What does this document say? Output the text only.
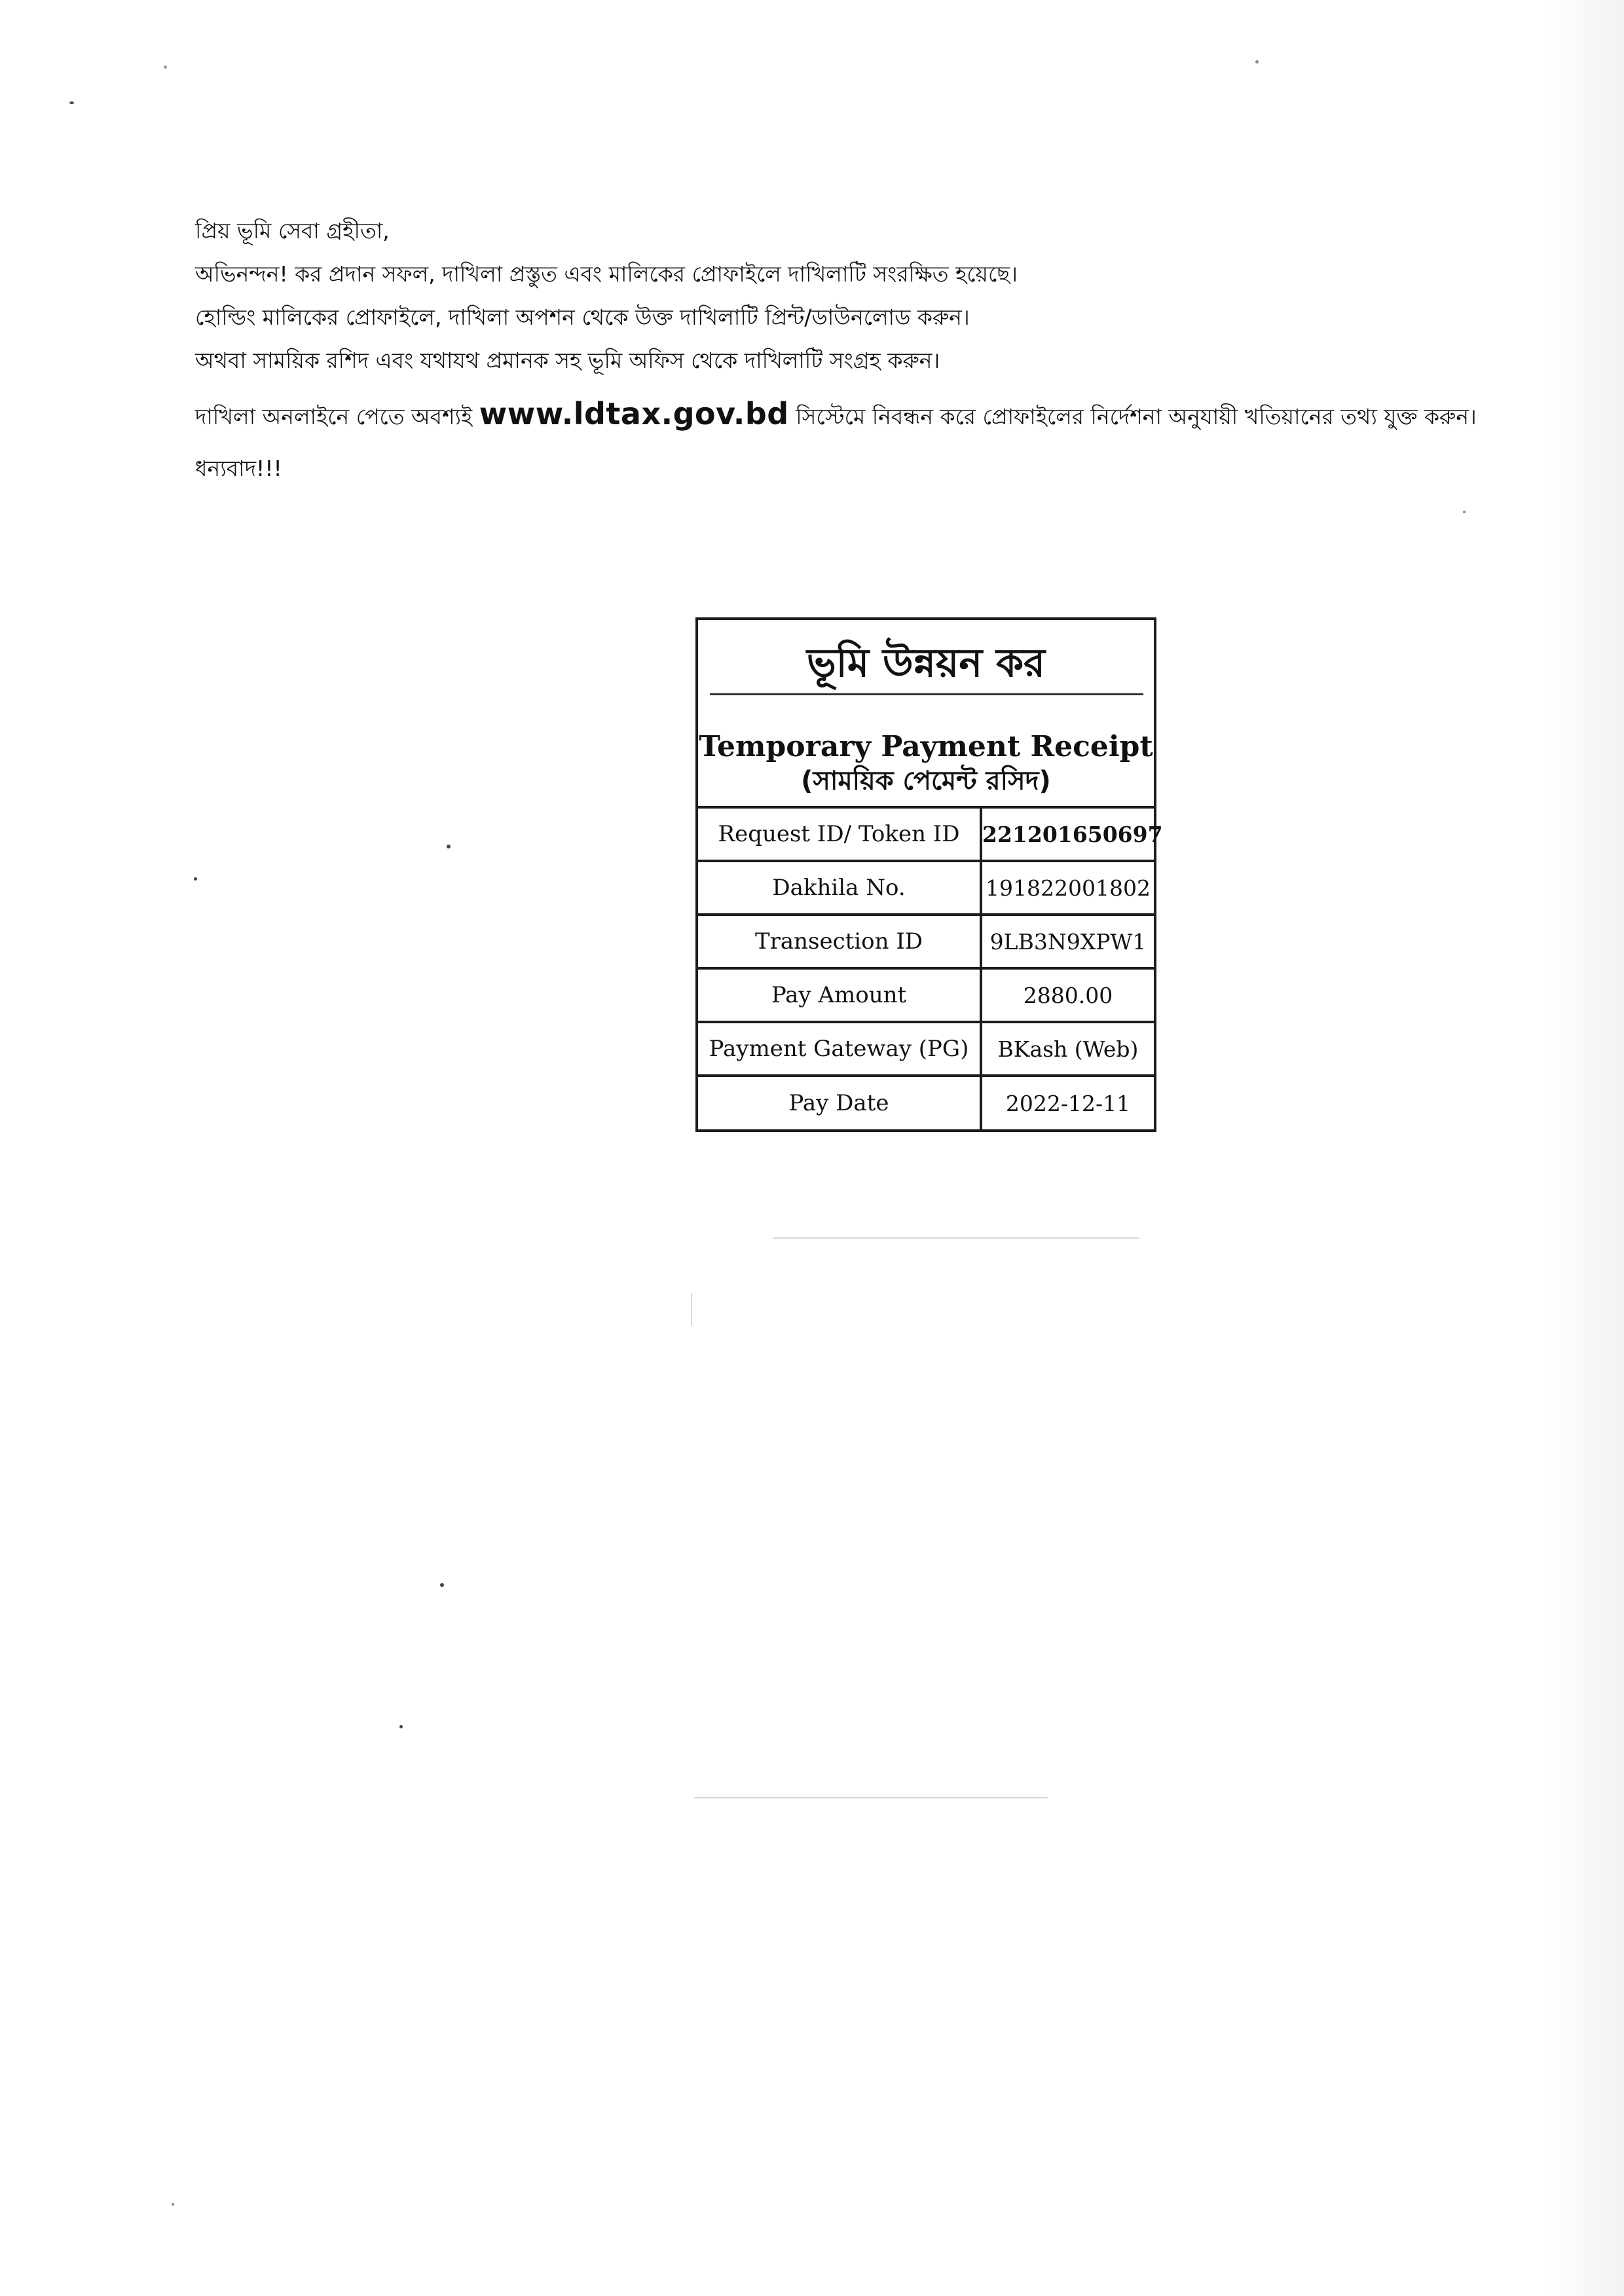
প্রিয় ভূমি সেবা গ্রহীতা,
অভিনন্দন! কর প্রদান সফল, দাখিলা প্রস্তুত এবং মালিকের প্রোফাইলে দাখিলাটি সংরক্ষিত হয়েছে।
হোল্ডিং মালিকের প্রোফাইলে, দাখিলা অপশন থেকে উক্ত দাখিলাটি প্রিন্ট/ডাউনলোড করুন।
অথবা সাময়িক রশিদ এবং যথাযথ প্রমানক সহ ভূমি অফিস থেকে দাখিলাটি সংগ্রহ করুন।
দাখিলা অনলাইনে পেতে অবশ্যই www.ldtax.gov.bd সিস্টেমে নিবন্ধন করে প্রোফাইলের নির্দেশনা অনুযায়ী খতিয়ানের তথ্য যুক্ত করুন।
ধন্যবাদ!!!
ভূমি উন্নয়ন কর
Temporary Payment Receipt
(সাময়িক পেমেন্ট রসিদ)
Request ID/ Token ID	221201650697
Dakhila No.	191822001802
Transection ID	9LB3N9XPW1
Pay Amount	2880.00
Payment Gateway (PG)	BKash (Web)
Pay Date	2022-12-11
